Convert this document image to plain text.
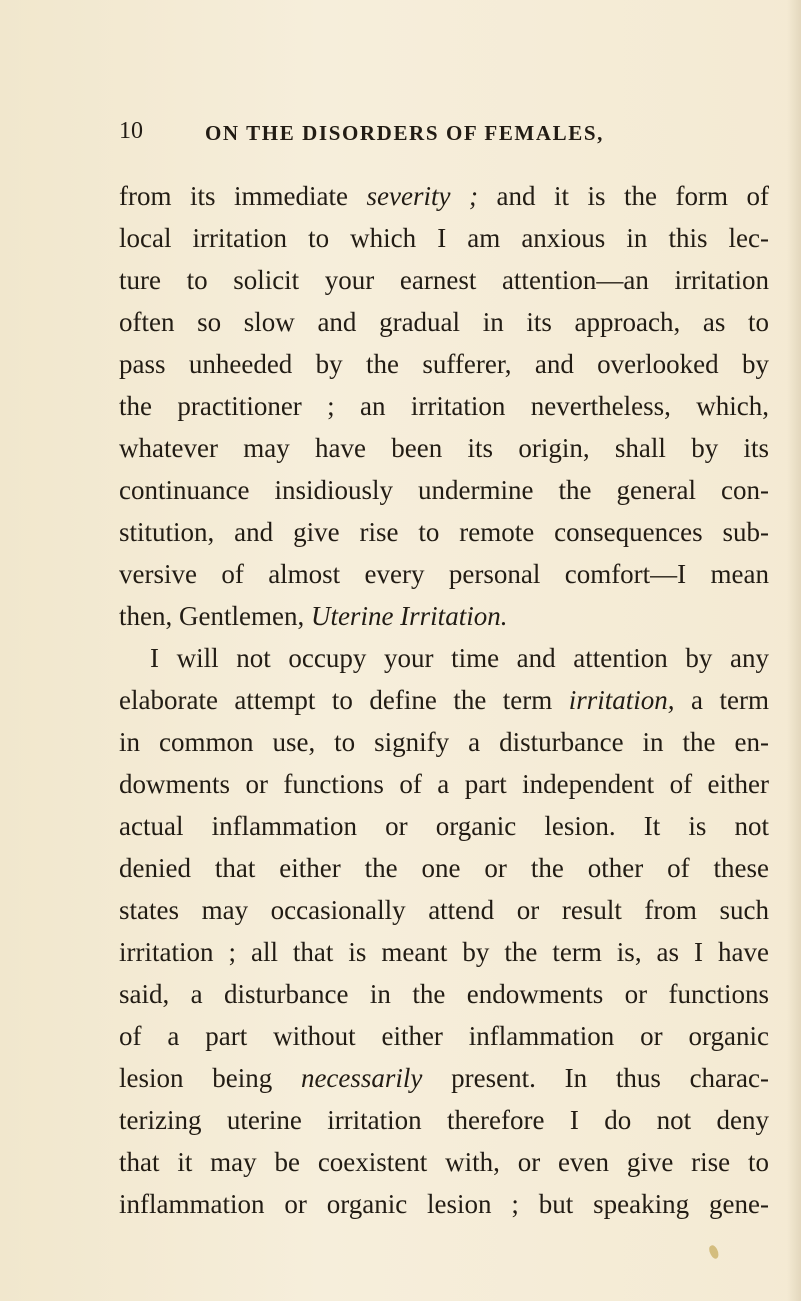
10	ON THE DISORDERS OF FEMALES,
from its immediate severity ; and it is the form of
local irritation to which I am anxious in this lec-
ture to solicit your earnest attention—an irritation
often so slow and gradual in its approach, as to
pass unheeded by the sufferer, and overlooked by
the practitioner ; an irritation nevertheless, which,
whatever may have been its origin, shall by its
continuance insidiously undermine the general con-
stitution, and give rise to remote consequences sub-
versive of almost every personal comfort—I mean
then, Gentlemen, Uterine Irritation.
I will not occupy your time and attention by any
elaborate attempt to define the term irritation, a term
in common use, to signify a disturbance in the en-
dowments or functions of a part independent of either
actual inflammation or organic lesion. It is not
denied that either the one or the other of these
states may occasionally attend or result from such
irritation ; all that is meant by the term is, as I have
said, a disturbance in the endowments or functions
of a part without either inflammation or organic
lesion being necessarily present. In thus charac-
terizing uterine irritation therefore I do not deny
that it may be coexistent with, or even give rise to
inflammation or organic lesion ; but speaking gene-
